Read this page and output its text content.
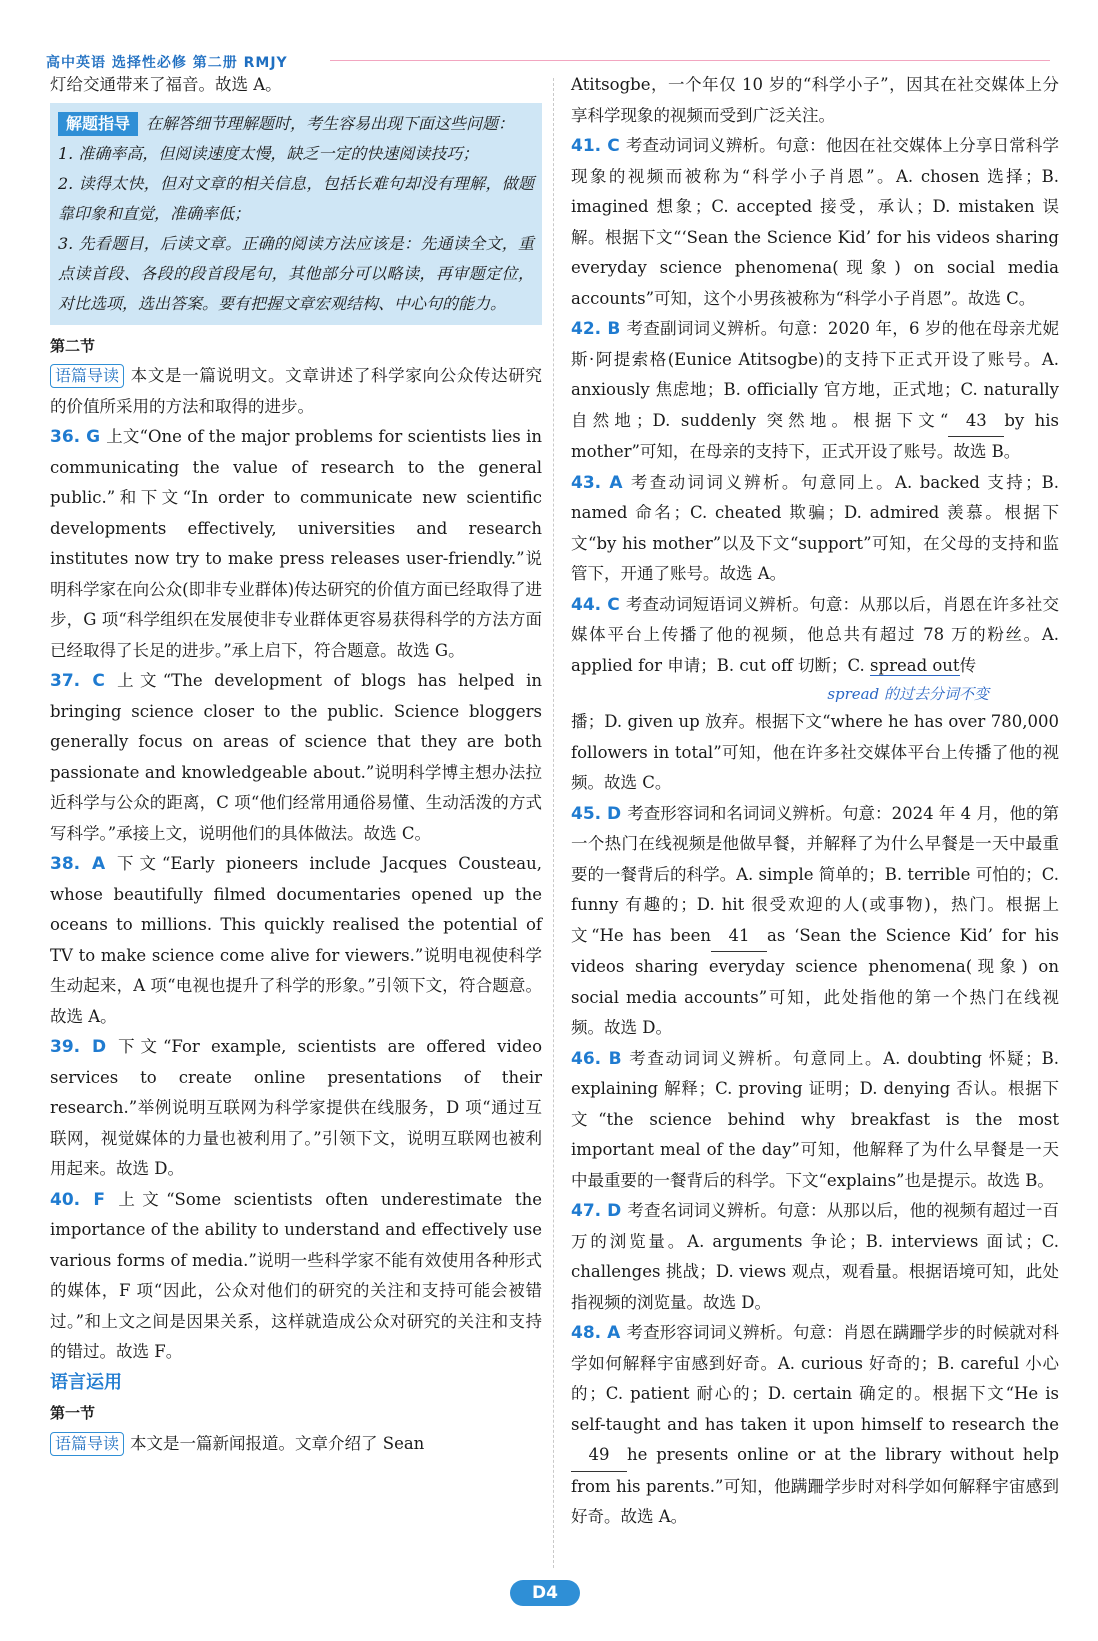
高中英语 选择性必修 第二册 RMJY

灯给交通带来了福音。故选 A。

解题指导 在解答细节理解题时，考生容易出现下面这些问题：

1. 准确率高，但阅读速度太慢，缺乏一定的快速阅读技巧；

2. 读得太快，但对文章的相关信息，包括长难句却没有理解，做题靠印象和直觉，准确率低；

3. 先看题目，后读文章。正确的阅读方法应该是：先通读全文，重点读首段、各段的段首段尾句，其他部分可以略读，再审题定位，对比选项，选出答案。要有把握文章宏观结构、中心句的能力。

第二节

语篇导读 本文是一篇说明文。文章讲述了科学家向公众传达研究的价值所采用的方法和取得的进步。

36. G 上文“One of the major problems for scientists lies in communicating the value of research to the general public.”和下文“In order to communicate new scientific developments effectively, universities and research institutes now try to make press releases user-friendly.”说明科学家在向公众(即非专业群体)传达研究的价值方面已经取得了进步，G 项“科学组织在发展使非专业群体更容易获得科学的方法方面已经取得了长足的进步。”承上启下，符合题意。故选 G。

37. C 上文“The development of blogs has helped in bringing science closer to the public. Science bloggers generally focus on areas of science that they are both passionate and knowledgeable about.”说明科学博主想办法拉近科学与公众的距离，C 项“他们经常用通俗易懂、生动活泼的方式写科学。”承接上文，说明他们的具体做法。故选 C。

38. A 下文“Early pioneers include Jacques Cousteau, whose beautifully filmed documentaries opened up the oceans to millions. This quickly realised the potential of TV to make science come alive for viewers.”说明电视使科学生动起来，A 项“电视也提升了科学的形象。”引领下文，符合题意。故选 A。

39. D 下文“For example, scientists are offered video services to create online presentations of their research.”举例说明互联网为科学家提供在线服务，D 项“通过互联网，视觉媒体的力量也被利用了。”引领下文，说明互联网也被利用起来。故选 D。

40. F 上文“Some scientists often underestimate the importance of the ability to understand and effectively use various forms of media.”说明一些科学家不能有效使用各种形式的媒体，F 项“因此，公众对他们的研究的关注和支持可能会被错过。”和上文之间是因果关系，这样就造成公众对研究的关注和支持的错过。故选 F。

语言运用

第一节

语篇导读 本文是一篇新闻报道。文章介绍了 Sean

Atitsogbe，一个年仅 10 岁的“科学小子”，因其在社交媒体上分享科学现象的视频而受到广泛关注。

41. C 考查动词词义辨析。句意：他因在社交媒体上分享日常科学现象的视频而被称为“科学小子肖恩”。A. chosen 选择；B. imagined 想象；C. accepted 接受，承认；D. mistaken 误解。根据下文“‘Sean the Science Kid’ for his videos sharing everyday science phenomena(现象) on social media accounts”可知，这个小男孩被称为“科学小子肖恩”。故选 C。

42. B 考查副词词义辨析。句意：2020 年，6 岁的他在母亲尤妮斯·阿提索格(Eunice Atitsogbe)的支持下正式开设了账号。A. anxiously 焦虑地；B. officially 官方地，正式地；C. naturally 自然地；D. suddenly 突然地。根据下文“ 43 by his mother”可知，在母亲的支持下，正式开设了账号。故选 B。

43. A 考查动词词义辨析。句意同上。A. backed 支持；B. named 命名；C. cheated 欺骗；D. admired 羡慕。根据下文“by his mother”以及下文“support”可知，在父母的支持和监管下，开通了账号。故选 A。

44. C 考查动词短语词义辨析。句意：从那以后，肖恩在许多社交媒体平台上传播了他的视频，他总共有超过 78 万的粉丝。A. applied for 申请；B. cut off 切断；C. spread out传

spread 的过去分词不变

播；D. given up 放弃。根据下文“where he has over 780,000 followers in total”可知，他在许多社交媒体平台上传播了他的视频。故选 C。

45. D 考查形容词和名词词义辨析。句意：2024 年 4 月，他的第一个热门在线视频是他做早餐，并解释了为什么早餐是一天中最重要的一餐背后的科学。A. simple 简单的；B. terrible 可怕的；C. funny 有趣的；D. hit 很受欢迎的人(或事物)，热门。根据上文“He has been 41 as ‘Sean the Science Kid’ for his videos sharing everyday science phenomena(现象) on social media accounts”可知，此处指他的第一个热门在线视频。故选 D。

46. B 考查动词词义辨析。句意同上。A. doubting 怀疑；B. explaining 解释；C. proving 证明；D. denying 否认。根据下文“the science behind why breakfast is the most important meal of the day”可知，他解释了为什么早餐是一天中最重要的一餐背后的科学。下文“explains”也是提示。故选 B。

47. D 考查名词词义辨析。句意：从那以后，他的视频有超过一百万的浏览量。A. arguments 争论；B. interviews 面试；C. challenges 挑战；D. views 观点，观看量。根据语境可知，此处指视频的浏览量。故选 D。

48. A 考查形容词词义辨析。句意：肖恩在蹒跚学步的时候就对科学如何解释宇宙感到好奇。A. curious 好奇的；B. careful 小心的；C. patient 耐心的；D. certain 确定的。根据下文“He is self-taught and has taken it upon himself to research the49 he presents online or at the library without help from his parents.”可知，他蹒跚学步时对科学如何解释宇宙感到好奇。故选 A。

D4
